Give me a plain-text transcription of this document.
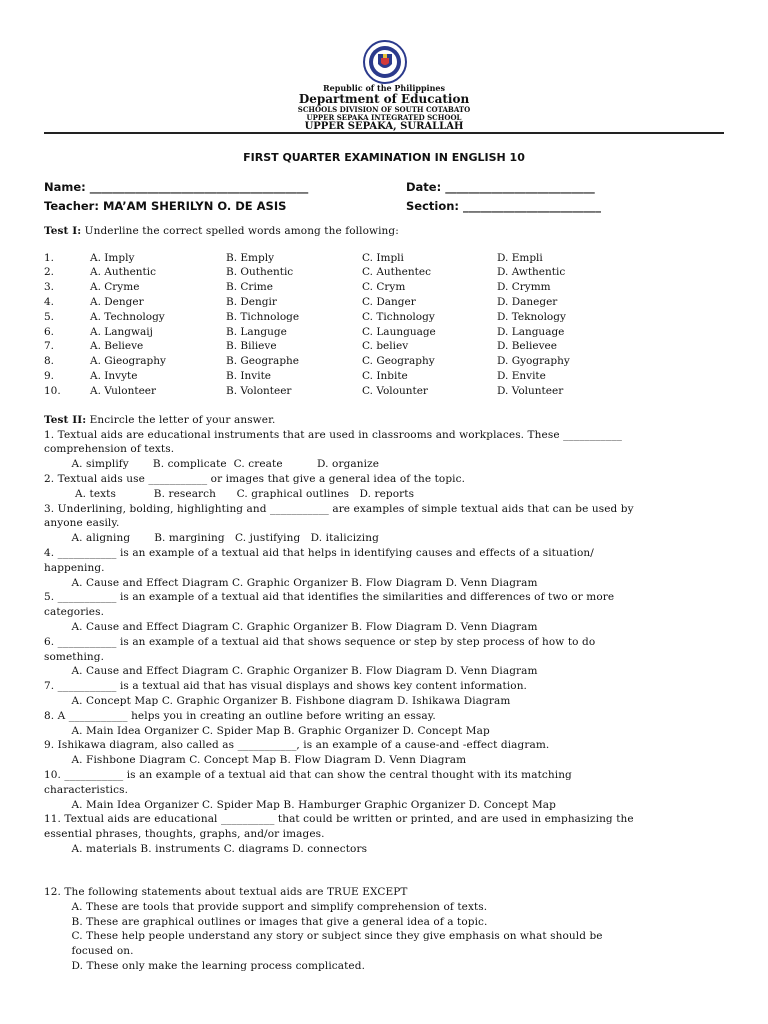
Republic of the Philippines
Department of Education
SCHOOLS DIVISION OF SOUTH COTABATO
UPPER SEPAKA INTEGRATED SCHOOL
UPPER SEPAKA, SURALLAH
FIRST QUARTER EXAMINATION IN ENGLISH 10
Name: ______________________________________	Date: __________________________
Teacher: MA’AM SHERILYN O. DE ASIS	Section: ________________________
Test I: Underline the correct spelled words among the following:
1.	A. Imply	B. Emply	C. Impli	D. Empli
2.	A. Authentic	B. Outhentic	C. Authentec	D. Awthentic
3.	A. Cryme	B. Crime	C. Crym	D. Crymm
4.	A. Denger	B. Dengir	C. Danger	D. Daneger
5.	A. Technology	B. Tichnologe	C. Tichnology	D. Teknology
6.	A. Langwaij	B. Languge	C. Launguage	D. Language
7.	A. Believe	B. Bilieve	C. believ	D. Believee
8.	A. Gieography	B. Geographe	C. Geography	D. Gyography
9.	A. Invyte	B. Invite	C. Inbite	D. Envite
10.	A. Vulonteer	B. Volonteer	C. Volounter	D. Volunteer
Test II: Encircle the letter of your answer.
1. Textual aids are educational instruments that are used in classrooms and workplaces. These ___________
comprehension of texts.
A. simplify       B. complicate  C. create          D. organize
2. Textual aids use ___________ or images that give a general idea of the topic.
A. texts           B. research      C. graphical outlines   D. reports
3. Underlining, bolding, highlighting and ___________ are examples of simple textual aids that can be used by
anyone easily.
A. aligning       B. margining   C. justifying   D. italicizing
4. ___________ is an example of a textual aid that helps in identifying causes and effects of a situation/
happening.
A. Cause and Effect Diagram C. Graphic Organizer B. Flow Diagram D. Venn Diagram
5. ___________ is an example of a textual aid that identifies the similarities and differences of two or more
categories.
A. Cause and Effect Diagram C. Graphic Organizer B. Flow Diagram D. Venn Diagram
6. ___________ is an example of a textual aid that shows sequence or step by step process of how to do
something.
A. Cause and Effect Diagram C. Graphic Organizer B. Flow Diagram D. Venn Diagram
7. ___________ is a textual aid that has visual displays and shows key content information.
A. Concept Map C. Graphic Organizer B. Fishbone diagram D. Ishikawa Diagram
8. A ___________ helps you in creating an outline before writing an essay.
A. Main Idea Organizer C. Spider Map B. Graphic Organizer D. Concept Map
9. Ishikawa diagram, also called as ___________, is an example of a cause-and -effect diagram.
A. Fishbone Diagram C. Concept Map B. Flow Diagram D. Venn Diagram
10. ___________ is an example of a textual aid that can show the central thought with its matching
characteristics.
A. Main Idea Organizer C. Spider Map B. Hamburger Graphic Organizer D. Concept Map
11. Textual aids are educational __________ that could be written or printed, and are used in emphasizing the
essential phrases, thoughts, graphs, and/or images.
A. materials B. instruments C. diagrams D. connectors
12. The following statements about textual aids are TRUE EXCEPT
A. These are tools that provide support and simplify comprehension of texts.
B. These are graphical outlines or images that give a general idea of a topic.
C. These help people understand any story or subject since they give emphasis on what should be
focused on.
D. These only make the learning process complicated.
